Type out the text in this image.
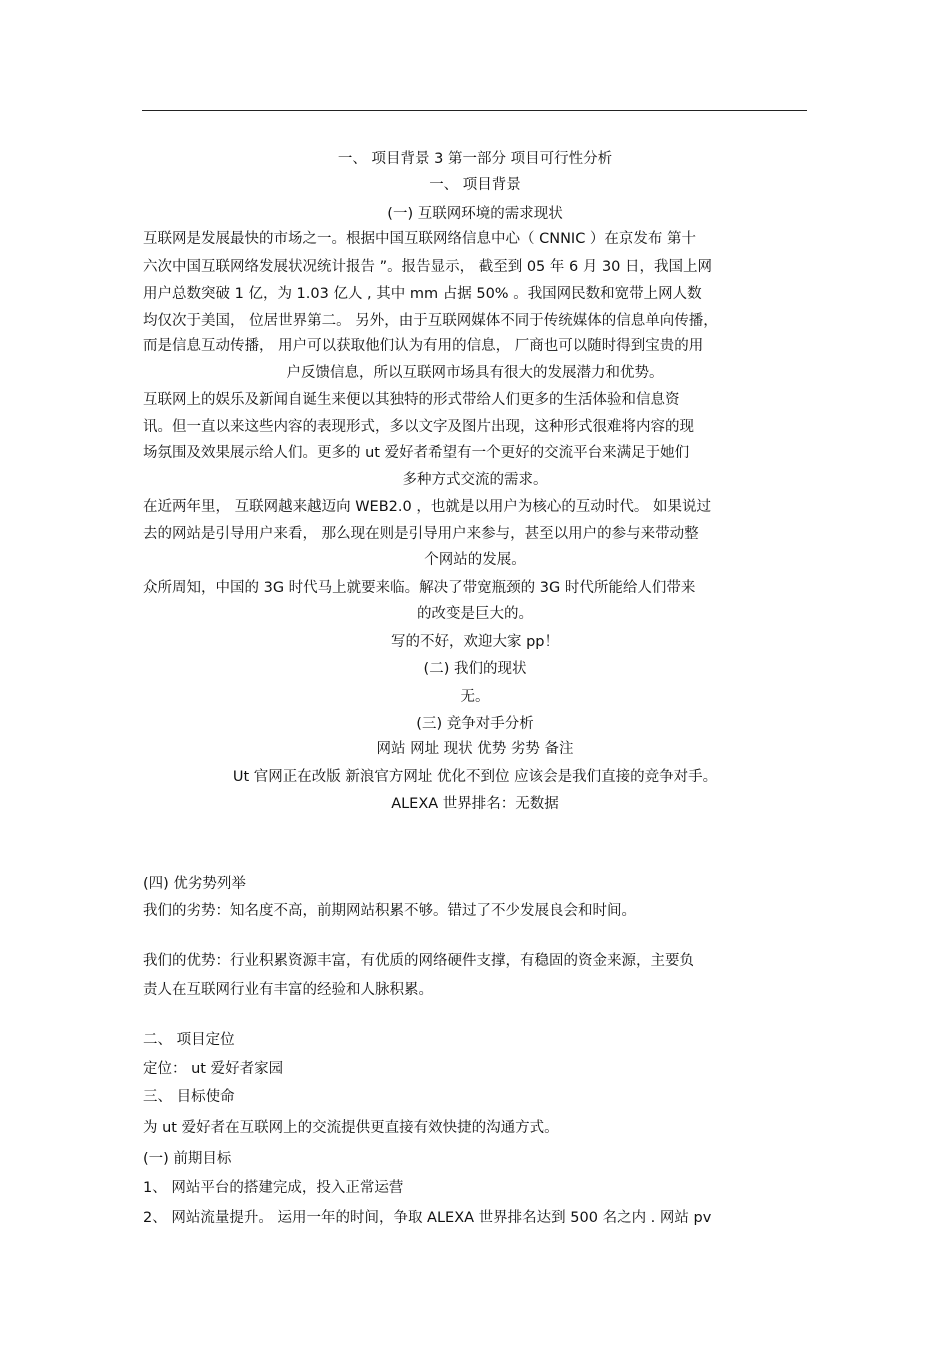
一、 项目背景 3 第一部分 项目可行性分析
一、 项目背景
(一) 互联网环境的需求现状
互联网是发展最快的市场之一。根据中国互联网络信息中心（ CNNIC ）在京发布 第十
六次中国互联网络发展状况统计报告 ”。报告显示， 截至到 05 年 6 月 30 日，我国上网
用户总数突破 1 亿，为 1.03 亿人 , 其中 mm 占据 50% 。我国网民数和宽带上网人数
均仅次于美国， 位居世界第二。 另外，由于互联网媒体不同于传统媒体的信息单向传播，
而是信息互动传播， 用户可以获取他们认为有用的信息， 厂商也可以随时得到宝贵的用
户反馈信息，所以互联网市场具有很大的发展潜力和优势。
互联网上的娱乐及新闻自诞生来便以其独特的形式带给人们更多的生活体验和信息资
讯。但一直以来这些内容的表现形式，多以文字及图片出现，这种形式很难将内容的现
场氛围及效果展示给人们。更多的 ut 爱好者希望有一个更好的交流平台来满足于她们
多种方式交流的需求。
在近两年里， 互联网越来越迈向 WEB2.0 ，也就是以用户为核心的互动时代。 如果说过
去的网站是引导用户来看， 那么现在则是引导用户来参与，甚至以用户的参与来带动整
个网站的发展。
众所周知，中国的 3G 时代马上就要来临。解决了带宽瓶颈的 3G 时代所能给人们带来
的改变是巨大的。
写的不好，欢迎大家 pp！
(二) 我们的现状
无。
(三) 竞争对手分析
网站 网址 现状 优势 劣势 备注
Ut 官网正在改版 新浪官方网址 优化不到位 应该会是我们直接的竞争对手。
ALEXA 世界排名：无数据
(四) 优劣势列举
我们的劣势：知名度不高，前期网站积累不够。错过了不少发展良会和时间。
我们的优势：行业积累资源丰富，有优质的网络硬件支撑，有稳固的资金来源，主要负
责人在互联网行业有丰富的经验和人脉积累。
二、 项目定位
定位： ut 爱好者家园
三、 目标使命
为 ut 爱好者在互联网上的交流提供更直接有效快捷的沟通方式。
(一) 前期目标
1、 网站平台的搭建完成，投入正常运营
2、 网站流量提升。 运用一年的时间，争取 ALEXA 世界排名达到 500 名之内 . 网站 pv
